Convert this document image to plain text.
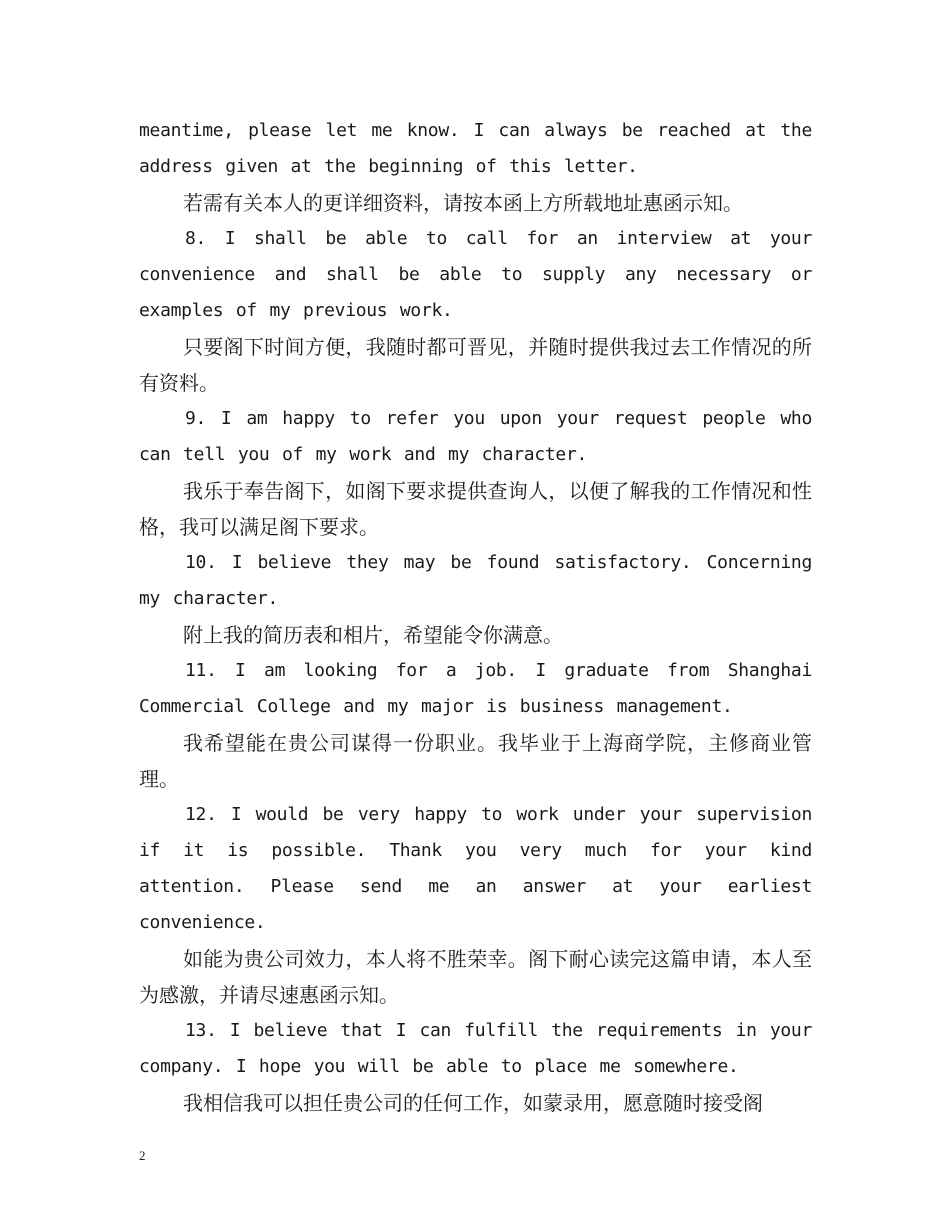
meantime, please let me know. I can always be reached at the address given at the beginning of this letter.

若需有关本人的更详细资料，请按本函上方所载地址惠函示知。

8. I shall be able to call for an interview at your convenience and shall be able to supply any necessary or examples of my previous work.

只要阁下时间方便，我随时都可晋见，并随时提供我过去工作情况的所有资料。

9. I am happy to refer you upon your request people who can tell you of my work and my character.

我乐于奉告阁下，如阁下要求提供查询人，以便了解我的工作情况和性格，我可以满足阁下要求。

10. I believe they may be found satisfactory. Concerning my character.

附上我的简历表和相片，希望能令你满意。

11. I am looking for a job. I graduate from Shanghai Commercial College and my major is business management.

我希望能在贵公司谋得一份职业。我毕业于上海商学院，主修商业管理。

12. I would be very happy to work under your supervision if it is possible. Thank you very much for your kind attention. Please send me an answer at your earliest convenience.

如能为贵公司效力，本人将不胜荣幸。阁下耐心读完这篇申请，本人至为感激，并请尽速惠函示知。

13. I believe that I can fulfill the requirements in your company. I hope you will be able to place me somewhere.

我相信我可以担任贵公司的任何工作，如蒙录用，愿意随时接受阁

2
